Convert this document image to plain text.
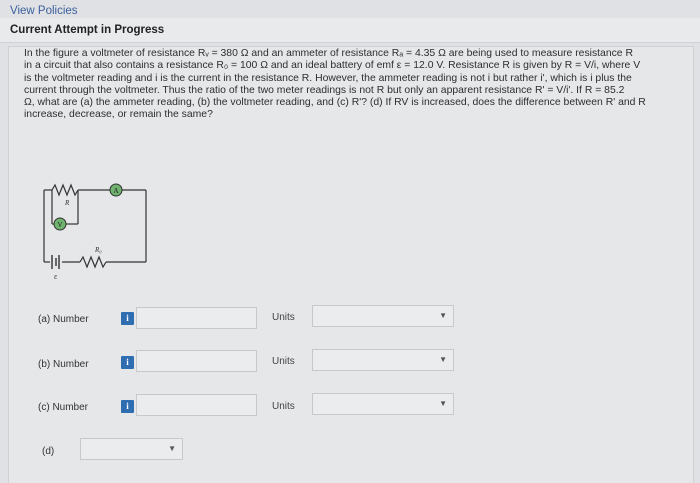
View Policies
Current Attempt in Progress

In the figure a voltmeter of resistance Rᵥ = 380 Ω and an ammeter of resistance Rₐ = 4.35 Ω are being used to measure resistance R

in a circuit that also contains a resistance R₀ = 100 Ω and an ideal battery of emf ε = 12.0 V. Resistance R is given by R = V/i, where V

is the voltmeter reading and i is the current in the resistance R. However, the ammeter reading is not i but rather i', which is i plus the

current through the voltmeter. Thus the ratio of the two meter readings is not R but only an apparent resistance R' = V/i'. If R = 85.2

Ω, what are (a) the ammeter reading, (b) the voltmeter reading, and (c) R'? (d) If RV is increased, does the difference between R' and R

increase, decrease, or remain the same?

A
V
R
R₀
ɛ
(a) Number	i	Units	▼
(b) Number	i	Units	▼
(c) Number	i	Units	▼
(d)	▼
